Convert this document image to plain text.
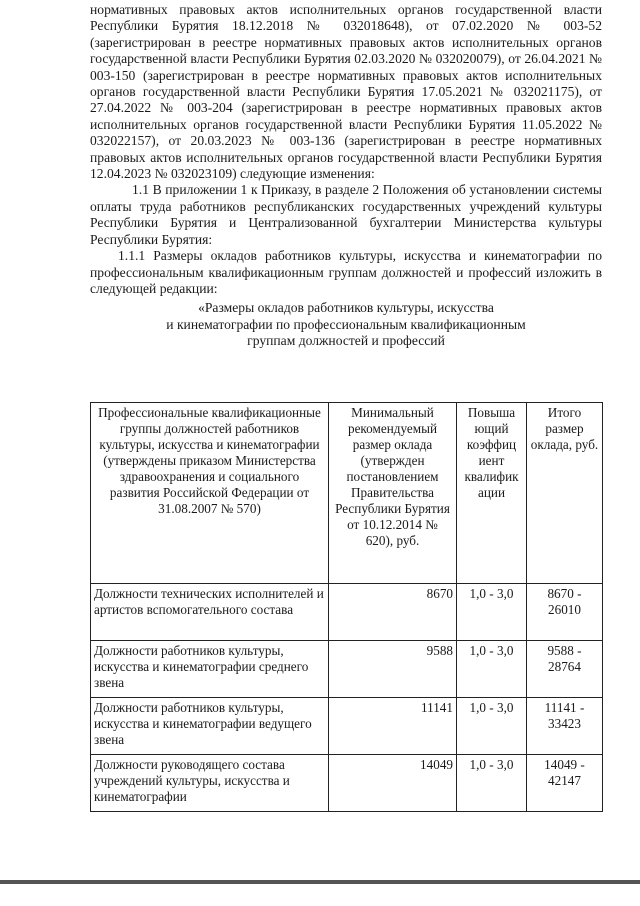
нормативных правовых актов исполнительных органов государственной власти Республики Бурятия 18.12.2018 № 032018648), от 07.02.2020 № 003-52 (зарегистрирован в реестре нормативных правовых актов исполнительных органов государственной власти Республики Бурятия 02.03.2020 № 032020079), от 26.04.2021 № 003-150 (зарегистрирован в реестре нормативных правовых актов исполнительных органов государственной власти Республики Бурятия 17.05.2021 № 032021175), от 27.04.2022 № 003-204 (зарегистрирован в реестре нормативных правовых актов исполнительных органов государственной власти Республики Бурятия 11.05.2022 № 032022157), от 20.03.2023 № 003-136 (зарегистрирован в реестре нормативных правовых актов исполнительных органов государственной власти Республики Бурятия 12.04.2023 № 032023109) следующие изменения:

1.1 В приложении 1 к Приказу, в разделе 2 Положения об установлении системы оплаты труда работников республиканских государственных учреждений культуры Республики Бурятия и Централизованной бухгалтерии Министерства культуры Республики Бурятия:

1.1.1 Размеры окладов работников культуры, искусства и кинематографии по профессиональным квалификационным группам должностей и профессий изложить в следующей редакции:

«Размеры окладов работников культуры, искусства
и кинематографии по профессиональным квалификационным
группам должностей и профессий
Профессиональные квалификационные группы должностей работников культуры, искусства и кинематографии (утверждены приказом Министерства здравоохранения и социального развития Российской Федерации от 31.08.2007 № 570)	Минимальный рекомендуемый размер оклада (утвержден постановлением Правительства Республики Бурятия от 10.12.2014 № 620), руб.	Повыша ющий коэффиц иент квалифик ации	Итого размер оклада, руб.
Должности технических исполнителей и артистов вспомогательного состава	8670	1,0 - 3,0	8670 - 26010
Должности работников культуры, искусства и кинематографии среднего звена	9588	1,0 - 3,0	9588 - 28764
Должности работников культуры, искусства и кинематографии ведущего звена	11141	1,0 - 3,0	11141 - 33423
Должности руководящего состава учреждений культуры, искусства и кинематографии	14049	1,0 - 3,0	14049 - 42147
